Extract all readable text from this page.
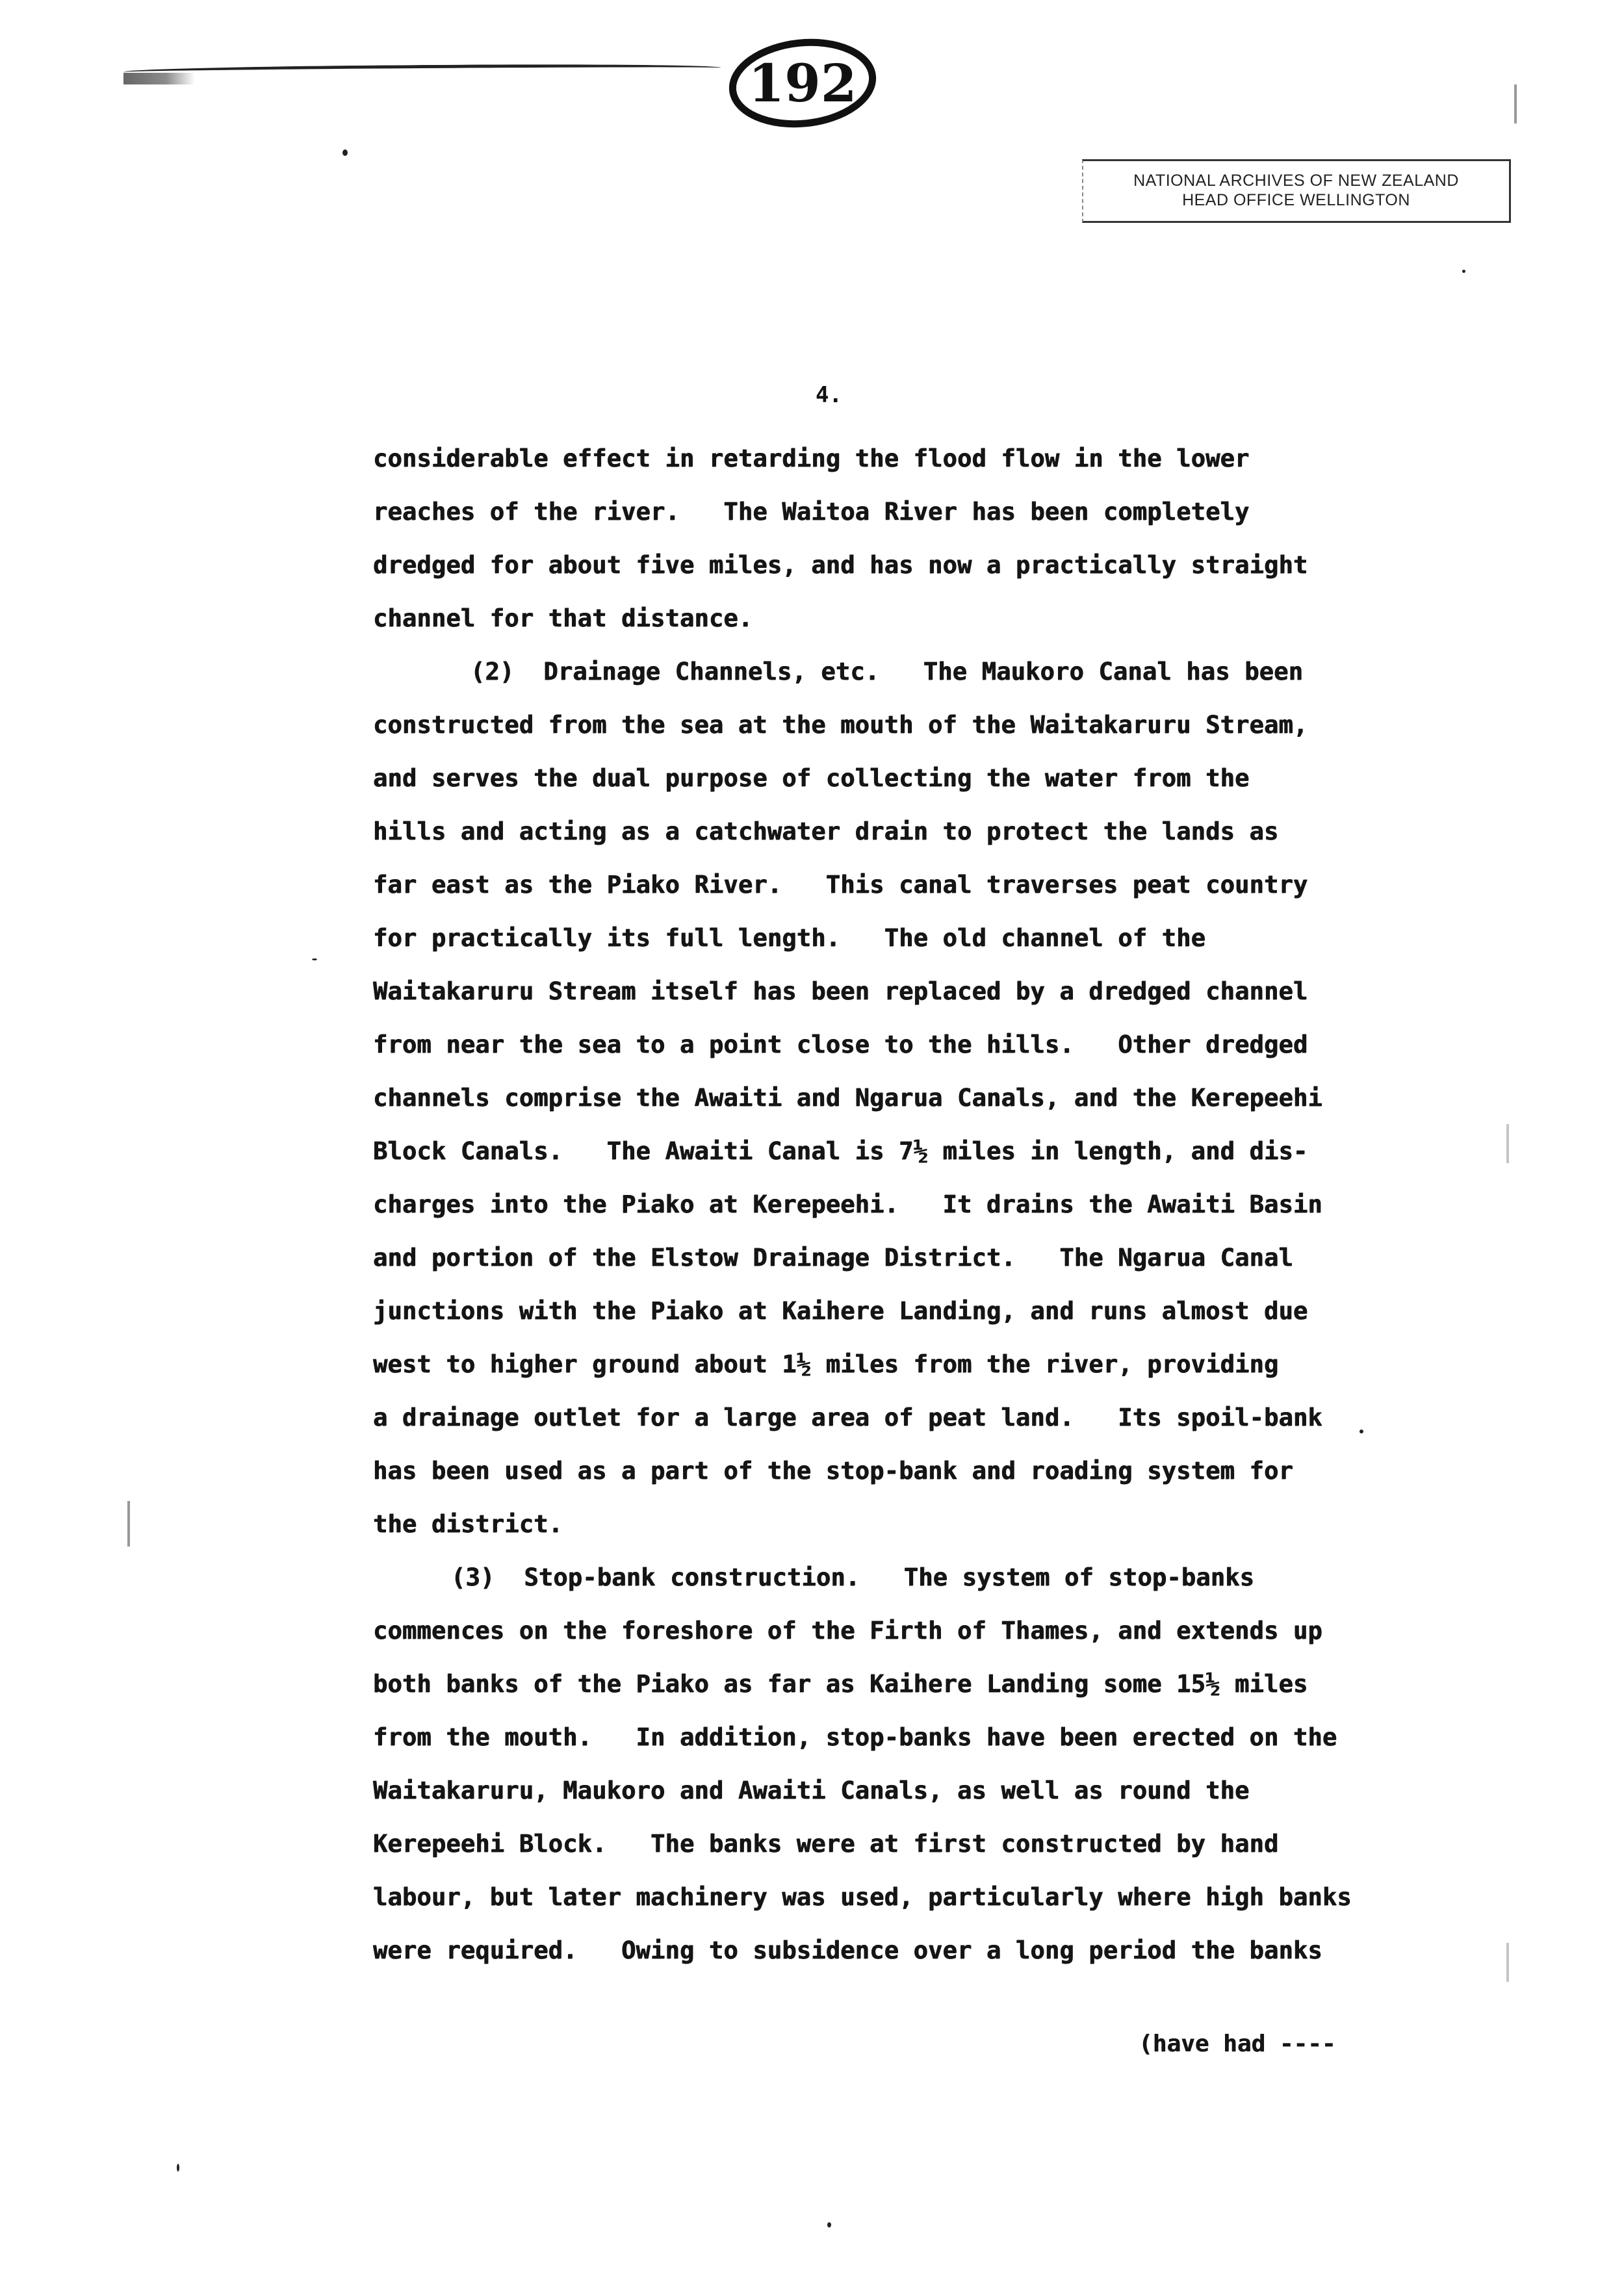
192
NATIONAL ARCHIVES OF NEW ZEALAND
HEAD OFFICE WELLINGTON
4.
considerable effect in retarding the flood flow in the lower
reaches of the river.   The Waitoa River has been completely
dredged for about five miles, and has now a practically straight
channel for that distance.
(2)  Drainage Channels, etc.   The Maukoro Canal has been
constructed from the sea at the mouth of the Waitakaruru Stream,
and serves the dual purpose of collecting the water from the
hills and acting as a catchwater drain to protect the lands as
far east as the Piako River.   This canal traverses peat country
for practically its full length.   The old channel of the
Waitakaruru Stream itself has been replaced by a dredged channel
from near the sea to a point close to the hills.   Other dredged
channels comprise the Awaiti and Ngarua Canals, and the Kerepeehi
Block Canals.   The Awaiti Canal is 7½ miles in length, and dis-
charges into the Piako at Kerepeehi.   It drains the Awaiti Basin
and portion of the Elstow Drainage District.   The Ngarua Canal
junctions with the Piako at Kaihere Landing, and runs almost due
west to higher ground about 1½ miles from the river, providing
a drainage outlet for a large area of peat land.   Its spoil-bank
has been used as a part of the stop-bank and roading system for
the district.
(3)  Stop-bank construction.   The system of stop-banks
commences on the foreshore of the Firth of Thames, and extends up
both banks of the Piako as far as Kaihere Landing some 15½ miles
from the mouth.   In addition, stop-banks have been erected on the
Waitakaruru, Maukoro and Awaiti Canals, as well as round the
Kerepeehi Block.   The banks were at first constructed by hand
labour, but later machinery was used, particularly where high banks
were required.   Owing to subsidence over a long period the banks
(have had ----
